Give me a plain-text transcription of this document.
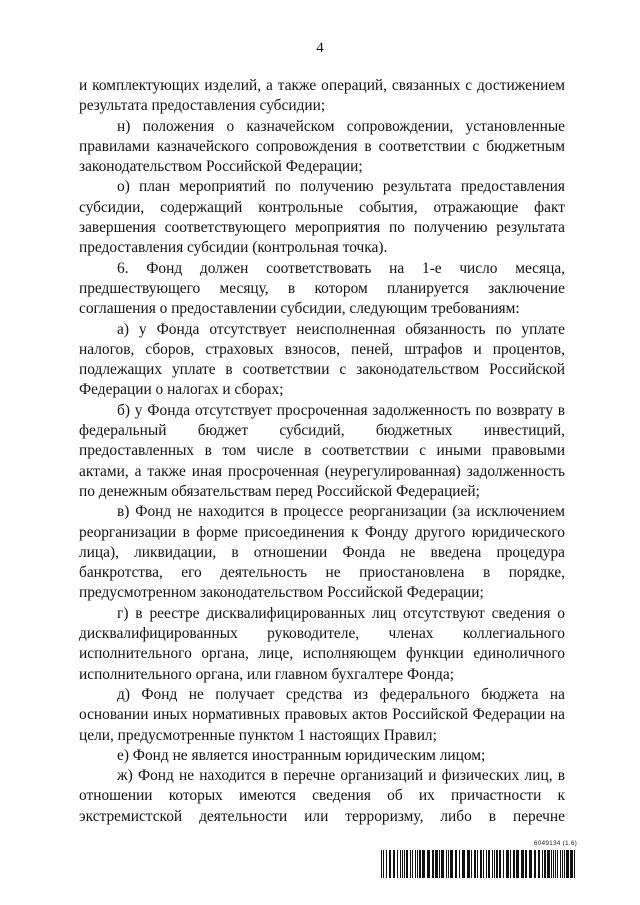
4

и комплектующих изделий, а также операций, связанных с достижением результата предоставления субсидии;

н) положения о казначейском сопровождении, установленные правилами казначейского сопровождения в соответствии с бюджетным законодательством Российской Федерации;

о) план мероприятий по получению результата предоставления субсидии, содержащий контрольные события, отражающие факт завершения соответствующего мероприятия по получению результата предоставления субсидии (контрольная точка).

6. Фонд должен соответствовать на 1-е число месяца, предшествующего месяцу, в котором планируется заключение соглашения о предоставлении субсидии, следующим требованиям:

а) у Фонда отсутствует неисполненная обязанность по уплате налогов, сборов, страховых взносов, пеней, штрафов и процентов, подлежащих уплате в соответствии с законодательством Российской Федерации о налогах и сборах;

б) у Фонда отсутствует просроченная задолженность по возврату в федеральный бюджет субсидий, бюджетных инвестиций, предоставленных в том числе в соответствии с иными правовыми актами, а также иная просроченная (неурегулированная) задолженность по денежным обязательствам перед Российской Федерацией;

в) Фонд не находится в процессе реорганизации (за исключением реорганизации в форме присоединения к Фонду другого юридического лица), ликвидации, в отношении Фонда не введена процедура банкротства, его деятельность не приостановлена в порядке, предусмотренном законодательством Российской Федерации;

г) в реестре дисквалифицированных лиц отсутствуют сведения о дисквалифицированных руководителе, членах коллегиального исполнительного органа, лице, исполняющем функции единоличного исполнительного органа, или главном бухгалтере Фонда;

д) Фонд не получает средства из федерального бюджета на основании иных нормативных правовых актов Российской Федерации на цели, предусмотренные пунктом 1 настоящих Правил;

е) Фонд не является иностранным юридическим лицом;

ж) Фонд не находится в перечне организаций и физических лиц, в отношении которых имеются сведения об их причастности к экстремистской деятельности или терроризму, либо в перечне

6049134 (1.6)
